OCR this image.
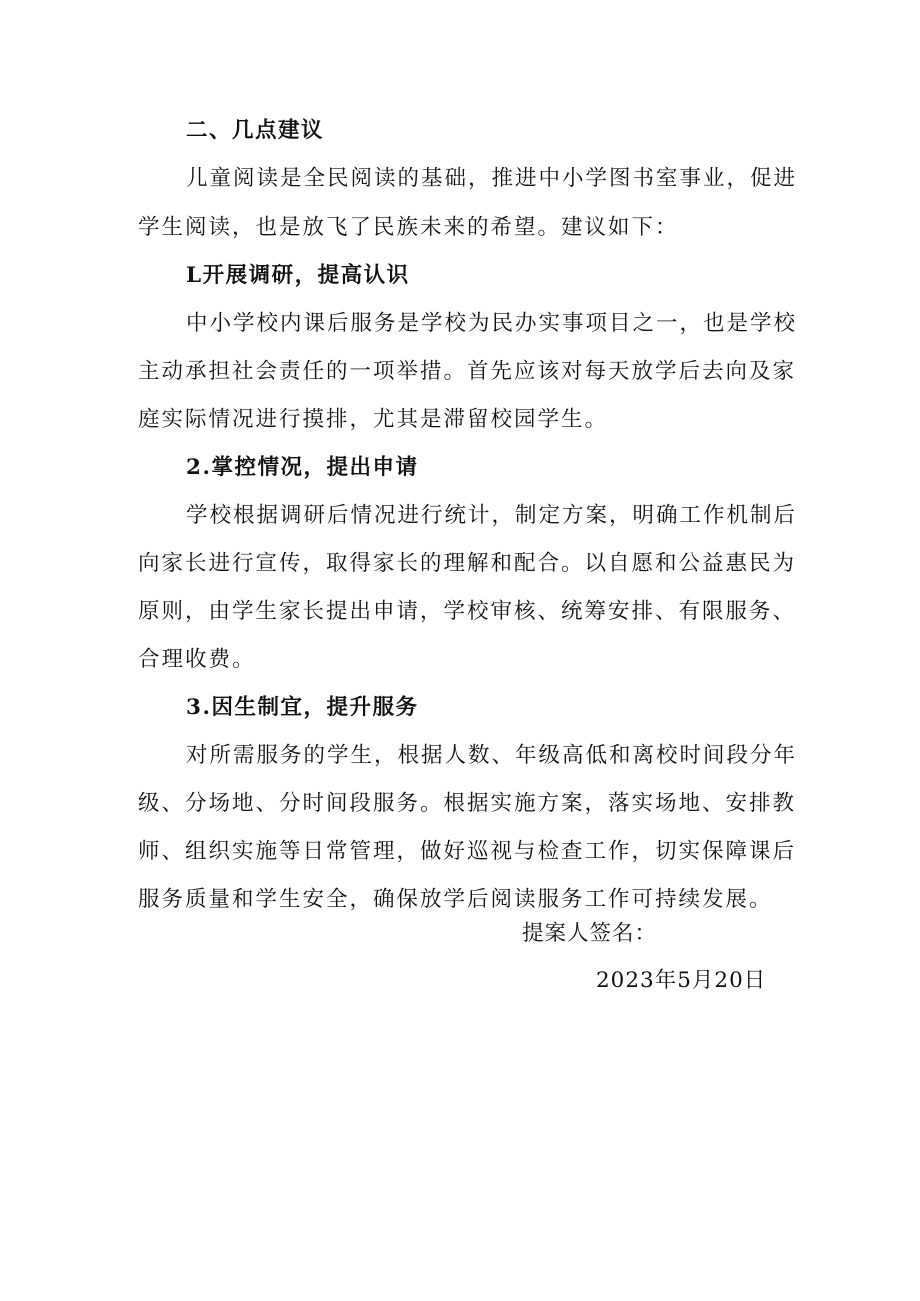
二、几点建议

儿童阅读是全民阅读的基础，推进中小学图书室事业，促进

学生阅读，也是放飞了民族未来的希望。建议如下：

L开展调研，提高认识

中小学校内课后服务是学校为民办实事项目之一，也是学校

主动承担社会责任的一项举措。首先应该对每天放学后去向及家

庭实际情况进行摸排，尤其是滞留校园学生。

2.掌控情况，提出申请

学校根据调研后情况进行统计，制定方案，明确工作机制后

向家长进行宣传，取得家长的理解和配合。以自愿和公益惠民为

原则，由学生家长提出申请，学校审核、统筹安排、有限服务、

合理收费。

3.因生制宜，提升服务

对所需服务的学生，根据人数、年级高低和离校时间段分年

级、分场地、分时间段服务。根据实施方案，落实场地、安排教

师、组织实施等日常管理，做好巡视与检查工作，切实保障课后

服务质量和学生安全，确保放学后阅读服务工作可持续发展。

提案人签名：

2023年5月20日
